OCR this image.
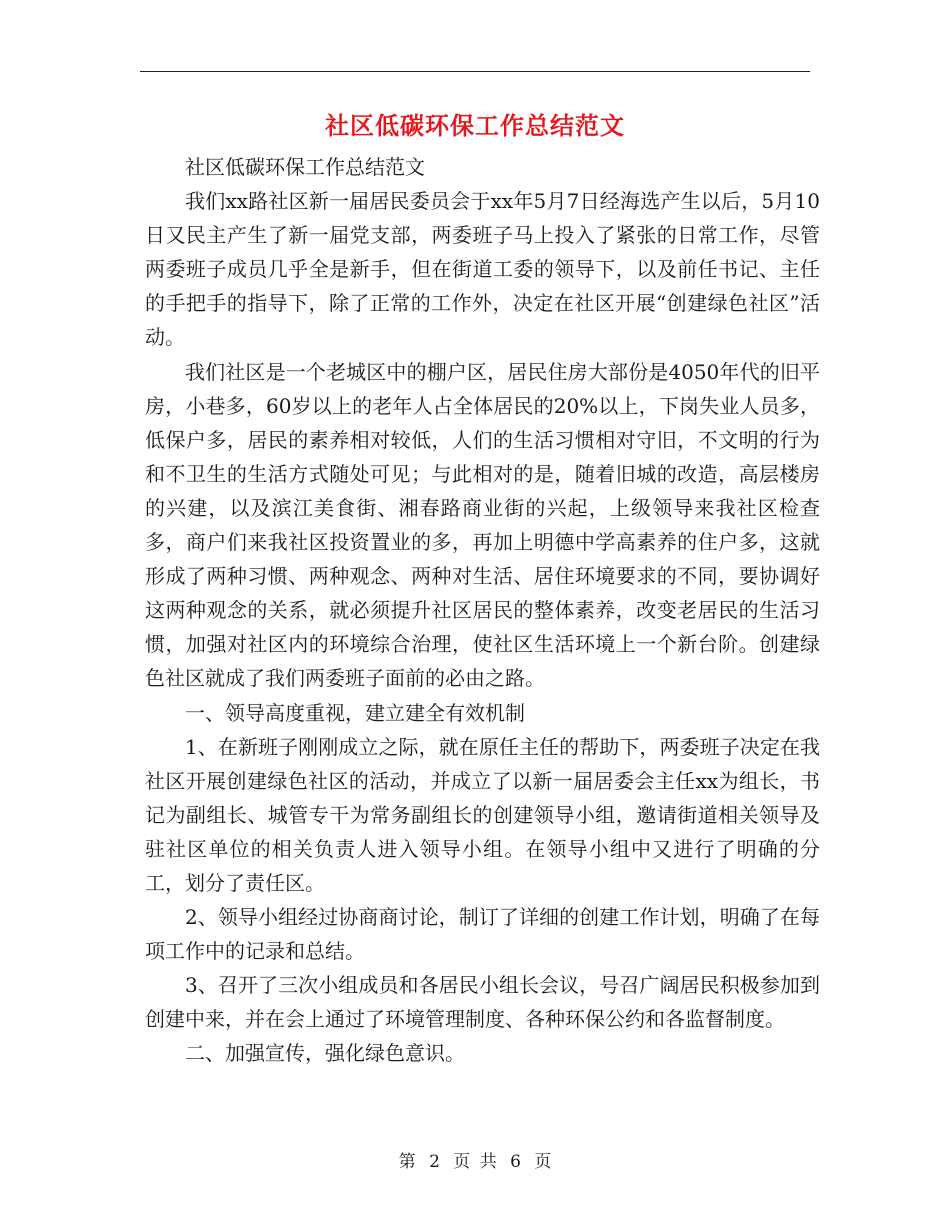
社区低碳环保工作总结范文

社区低碳环保工作总结范文

我们xx路社区新一届居民委员会于xx年5月7日经海选产生以后，5月10日又民主产生了新一届党支部，两委班子马上投入了紧张的日常工作，尽管两委班子成员几乎全是新手，但在街道工委的领导下，以及前任书记、主任的手把手的指导下，除了正常的工作外，决定在社区开展“创建绿色社区”活动。

我们社区是一个老城区中的棚户区，居民住房大部份是4050年代的旧平房，小巷多，60岁以上的老年人占全体居民的20%以上，下岗失业人员多，低保户多，居民的素养相对较低，人们的生活习惯相对守旧，不文明的行为和不卫生的生活方式随处可见；与此相对的是，随着旧城的改造，高层楼房的兴建，以及滨江美食街、湘春路商业街的兴起，上级领导来我社区检查多，商户们来我社区投资置业的多，再加上明德中学高素养的住户多，这就形成了两种习惯、两种观念、两种对生活、居住环境要求的不同，要协调好这两种观念的关系，就必须提升社区居民的整体素养，改变老居民的生活习惯，加强对社区内的环境综合治理，使社区生活环境上一个新台阶。创建绿色社区就成了我们两委班子面前的必由之路。

一、领导高度重视，建立建全有效机制

1、在新班子刚刚成立之际，就在原任主任的帮助下，两委班子决定在我社区开展创建绿色社区的活动，并成立了以新一届居委会主任xx为组长，书记为副组长、城管专干为常务副组长的创建领导小组，邀请街道相关领导及驻社区单位的相关负责人进入领导小组。在领导小组中又进行了明确的分工，划分了责任区。

2、领导小组经过协商商讨论，制订了详细的创建工作计划，明确了在每项工作中的记录和总结。

3、召开了三次小组成员和各居民小组长会议，号召广阔居民积极参加到创建中来，并在会上通过了环境管理制度、各种环保公约和各监督制度。

二、加强宣传，强化绿色意识。

第 2 页 共 6 页
